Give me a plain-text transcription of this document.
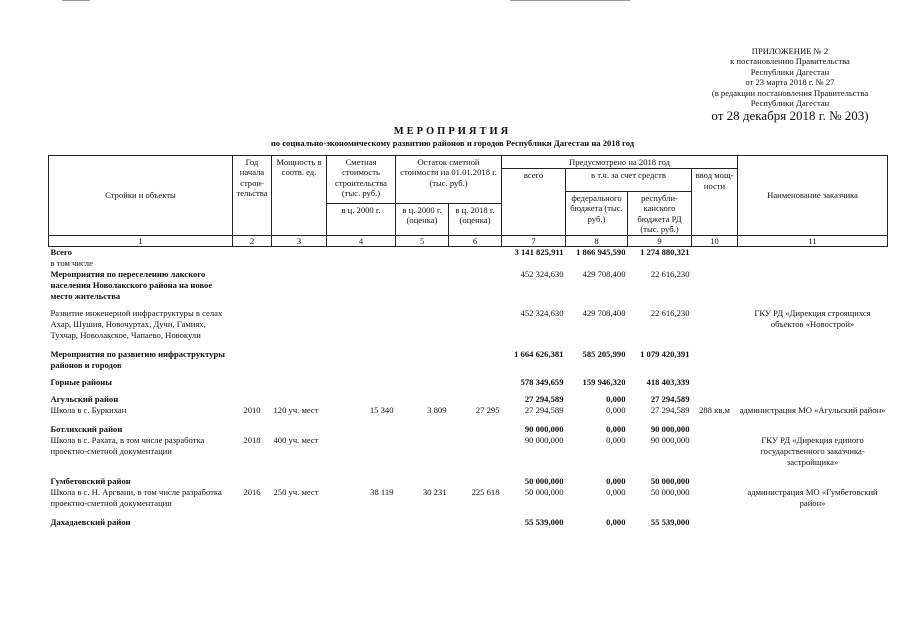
ПРИЛОЖЕНИЕ № 2
к постановлению Правительства
Республики Дагестан
от 23 марта 2018 г. № 27
(в редакции постановления Правительства
Республики Дагестан
от 28 декабря 2018 г. № 203)
МЕРОПРИЯТИЯ
по социально-экономическому развитию районов и городов Республики Дагестан на 2018 год
Стройки и объекты	Год начала строи-тельства	Мощность в соотв. ед.	Сметная стоимость строительства (тыс. руб.)	Остаток сметной стоимости на 01.01.2018 г. (тыс. руб.)		Предусмотрено на 2018 год				Наименование заказчика
						всего	в т.ч. за счет средств		ввод мощ-ности	
							федерального бюджета (тыс. руб.)	республи-канского бюджета РД (тыс. руб.)		
			в ц. 2000 г.	в ц. 2000 г. (оценка)	в ц. 2018 г. (оценка)					
1	2	3	4	5	6	7	8	9	10	11
Всего						3 141 825,911	1 866 945,590	1 274 880,321		
в том числе										
Мероприятия по переселению лакского населения Новолакского района на новое место жительства						452 324,630	429 708,400	22 616,230		

Развитие инженерной инфраструктуры в селах Ахар, Шушия, Новочуртах, Дучи, Гамиях, Тухчар, Новолакское, Чапаево, Новокули						452 324,630	429 708,400	22 616,230		ГКУ РД «Дирекция строящихся объектов «Новострой»

Мероприятия по развитию инфраструктуры районов и городов						1 664 626,381	585 205,990	1 079 420,391		

Горные районы						578 349,659	159 946,320	418 403,339		

Агульский район						27 294,589	0,000	27 294,589		
Школа в с. Буркихан	2010	120 уч. мест	15 340	3 809	27 295	27 294,589	0,000	27 294,589	288 кв.м	администрация МО «Агульский район»

Ботлихский район						90 000,000	0,000	90 000,000		
Школа в с. Рахата, в том числе разработка проектно-сметной документации	2018	400 уч. мест				90 000,000	0,000	90 000,000		ГКУ РД «Дирекция единого государственного заказчика-застройщика»

Гумбетовский район						50 000,000	0,000	50 000,000		
Школа в с. Н. Аргвани, в том числе разработка проектно-сметной документации	2016	250 уч. мест	38 119	30 231	225 618	50 000,000	0,000	50 000,000		администрация МО «Гумбетовский район»

Дахадаевский район						55 539,000	0,000	55 539,000		
